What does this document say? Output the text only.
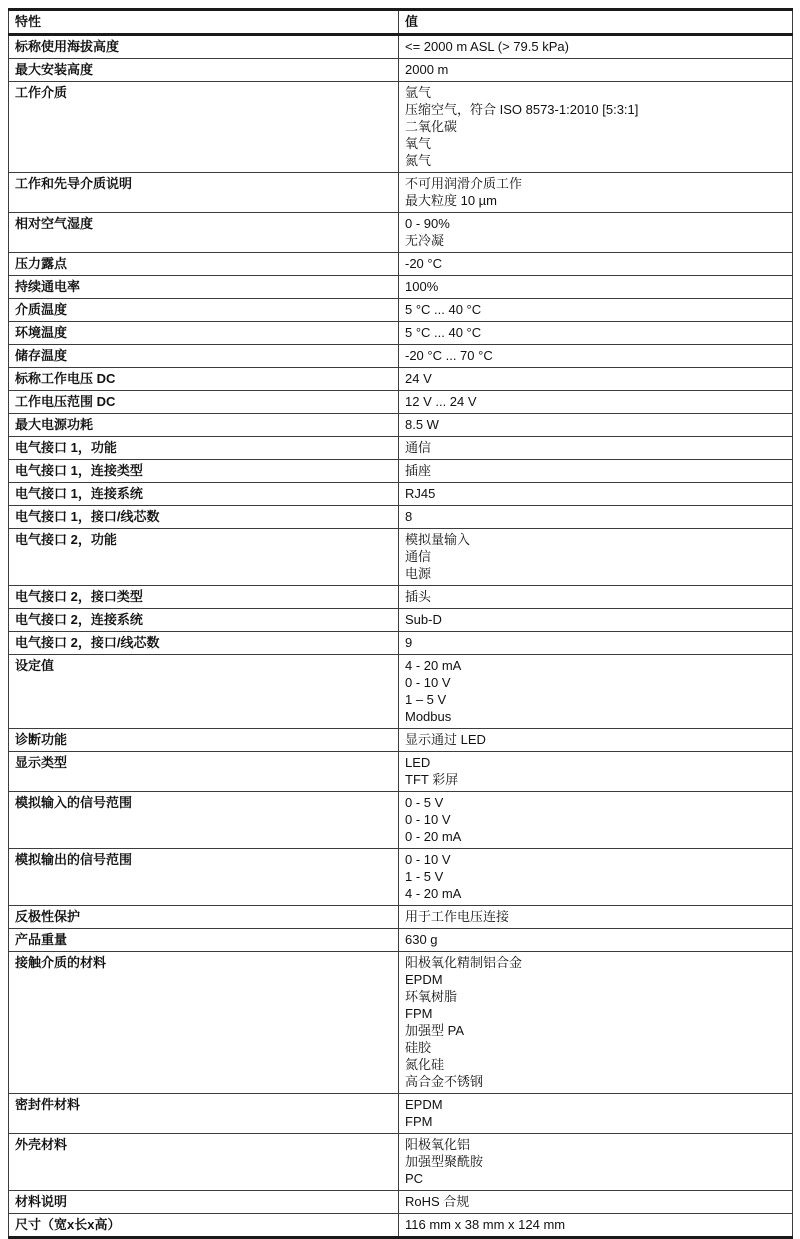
特性	值
标称使用海拔高度	<= 2000 m ASL (> 79.5 kPa)

最大安装高度	2000 m

工作介质	氩气
压缩空气，符合 ISO 8573-1:2010 [5:3:1]
二氧化碳
氧气
氮气

工作和先导介质说明	不可用润滑介质工作
最大粒度 10 µm

相对空气湿度	0 - 90%
无冷凝

压力露点	-20 °C

持续通电率	100%

介质温度	5 °C ... 40 °C

环境温度	5 °C ... 40 °C

储存温度	-20 °C ... 70 °C

标称工作电压 DC	24 V

工作电压范围 DC	12 V ... 24 V

最大电源功耗	8.5 W

电气接口 1，功能	通信

电气接口 1，连接类型	插座

电气接口 1，连接系统	RJ45

电气接口 1，接口/线芯数	8

电气接口 2，功能	模拟量输入
通信
电源

电气接口 2，接口类型	插头

电气接口 2，连接系统	Sub-D

电气接口 2，接口/线芯数	9

设定值	4 - 20 mA
0 - 10 V
1 – 5 V
Modbus

诊断功能	显示通过 LED

显示类型	LED
TFT 彩屏

模拟输入的信号范围	0 - 5 V
0 - 10 V
0 - 20 mA

模拟输出的信号范围	0 - 10 V
1 - 5 V
4 - 20 mA

反极性保护	用于工作电压连接

产品重量	630 g

接触介质的材料	阳极氧化精制铝合金
EPDM
环氧树脂
FPM
加强型 PA
硅胶
氮化硅
高合金不锈钢

密封件材料	EPDM
FPM

外壳材料	阳极氧化铝
加强型聚酰胺
PC

材料说明	RoHS 合规

尺寸（宽x长x高）	116 mm x 38 mm x 124 mm
